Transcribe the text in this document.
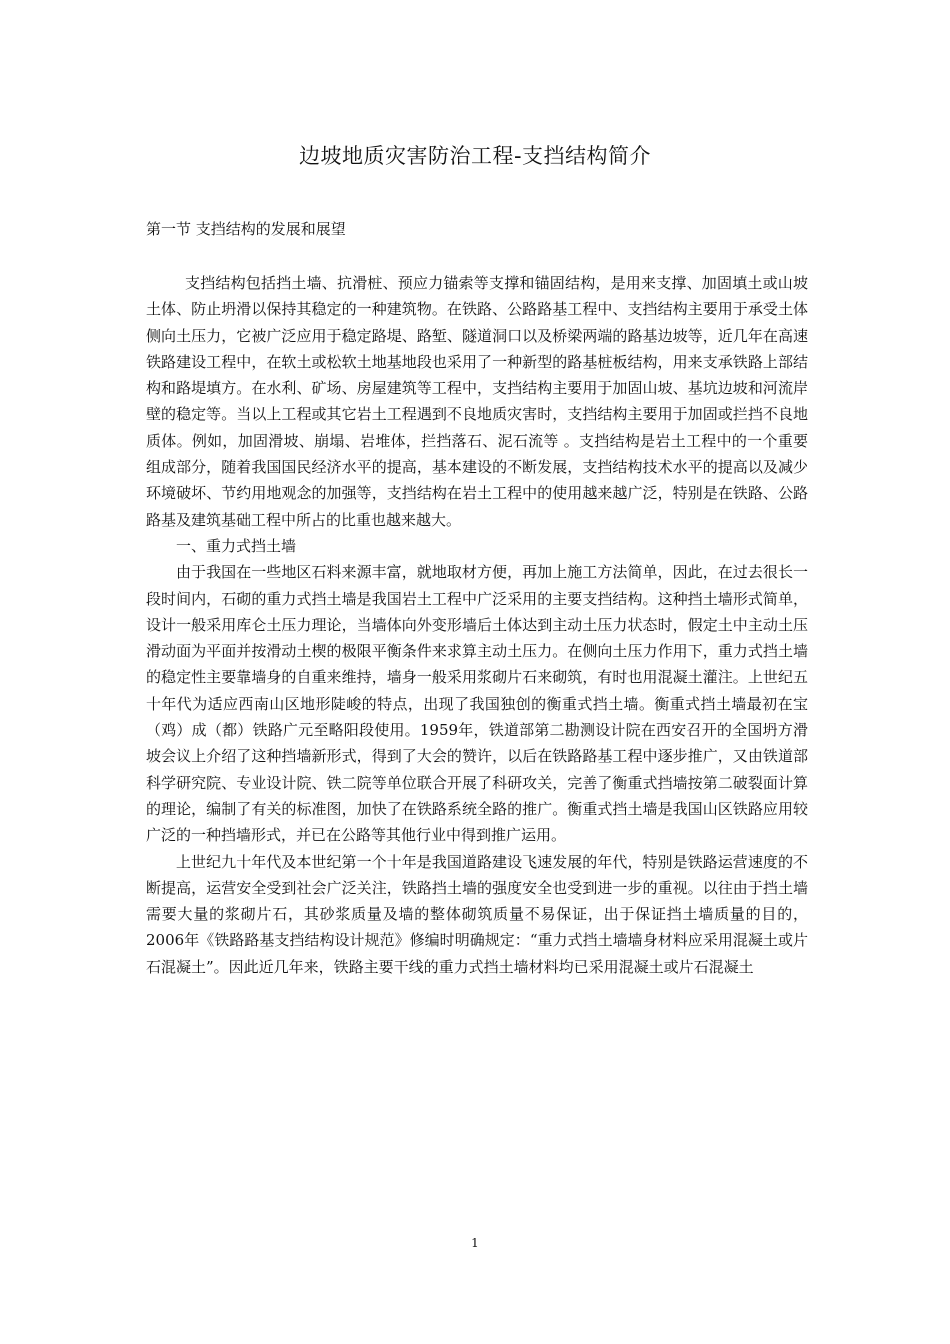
边坡地质灾害防治工程-支挡结构简介
第一节 支挡结构的发展和展望

支挡结构包括挡土墙、抗滑桩、预应力锚索等支撑和锚固结构，是用来支撑、加固填土或山坡土体、防止坍滑以保持其稳定的一种建筑物。在铁路、公路路基工程中、支挡结构主要用于承受土体侧向土压力，它被广泛应用于稳定路堤、路堑、隧道洞口以及桥梁两端的路基边坡等，近几年在高速铁路建设工程中，在软土或松软土地基地段也采用了一种新型的路基桩板结构，用来支承铁路上部结构和路堤填方。在水利、矿场、房屋建筑等工程中，支挡结构主要用于加固山坡、基坑边坡和河流岸壁的稳定等。当以上工程或其它岩土工程遇到不良地质灾害时，支挡结构主要用于加固或拦挡不良地质体。例如，加固滑坡、崩塌、岩堆体，拦挡落石、泥石流等 。支挡结构是岩土工程中的一个重要组成部分，随着我国国民经济水平的提高，基本建设的不断发展，支挡结构技术水平的提高以及减少环境破坏、节约用地观念的加强等，支挡结构在岩土工程中的使用越来越广泛，特别是在铁路、公路路基及建筑基础工程中所占的比重也越来越大。

一、重力式挡土墙

由于我国在一些地区石料来源丰富，就地取材方便，再加上施工方法简单，因此，在过去很长一段时间内，石砌的重力式挡土墙是我国岩土工程中广泛采用的主要支挡结构。这种挡土墙形式简单，设计一般采用库仑土压力理论，当墙体向外变形墙后土体达到主动土压力状态时，假定土中主动土压滑动面为平面并按滑动土楔的极限平衡条件来求算主动土压力。在侧向土压力作用下，重力式挡土墙的稳定性主要靠墙身的自重来维持，墙身一般采用浆砌片石来砌筑，有时也用混凝土灌注。上世纪五十年代为适应西南山区地形陡峻的特点，出现了我国独创的衡重式挡土墙。衡重式挡土墙最初在宝（鸡）成（都）铁路广元至略阳段使用。1959年，铁道部第二勘测设计院在西安召开的全国坍方滑坡会议上介绍了这种挡墙新形式，得到了大会的赞许，以后在铁路路基工程中逐步推广，又由铁道部科学研究院、专业设计院、铁二院等单位联合开展了科研攻关，完善了衡重式挡墙按第二破裂面计算的理论，编制了有关的标准图，加快了在铁路系统全路的推广。衡重式挡土墙是我国山区铁路应用较广泛的一种挡墙形式，并已在公路等其他行业中得到推广运用。

上世纪九十年代及本世纪第一个十年是我国道路建设飞速发展的年代，特别是铁路运营速度的不断提高，运营安全受到社会广泛关注，铁路挡土墙的强度安全也受到进一步的重视。以往由于挡土墙需要大量的浆砌片石，其砂浆质量及墙的整体砌筑质量不易保证，出于保证挡土墙质量的目的，2006年《铁路路基支挡结构设计规范》修编时明确规定：“重力式挡土墙墙身材料应采用混凝土或片石混凝土”。因此近几年来，铁路主要干线的重力式挡土墙材料均已采用混凝土或片石混凝土

1
